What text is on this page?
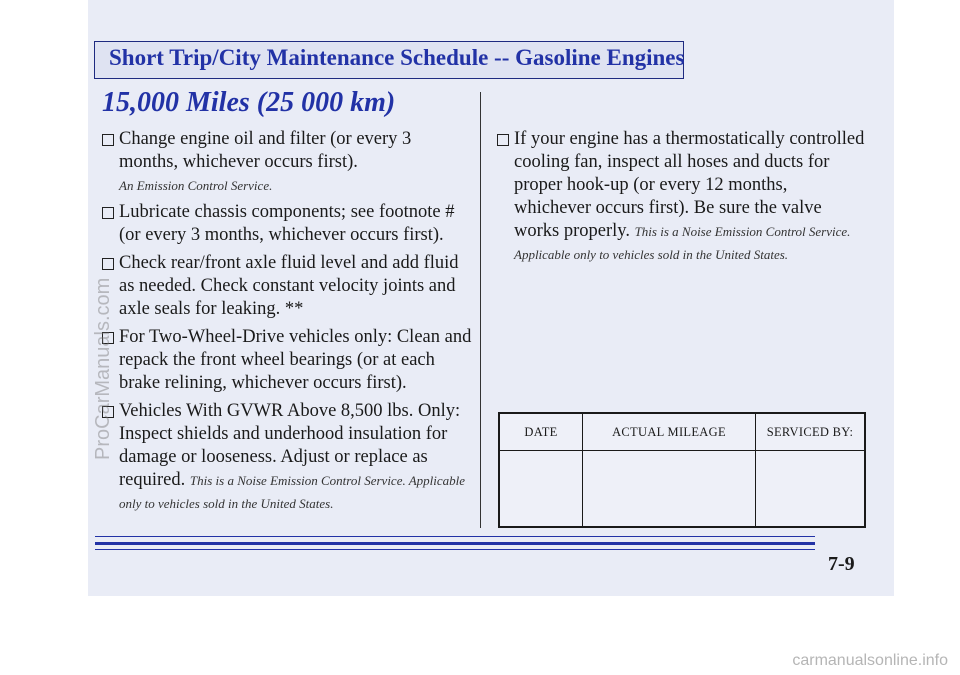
Short Trip/City Maintenance Schedule -- Gasoline Engines
15,000 Miles (25 000 km)
Change engine oil and filter (or every 3 months, whichever occurs first).
An Emission Control Service.
Lubricate chassis components; see footnote # (or every 3 months, whichever occurs first).
Check rear/front axle fluid level and add fluid as needed. Check constant velocity joints and axle seals for leaking. **
For Two-Wheel-Drive vehicles only: Clean and repack the front wheel bearings (or at each brake relining, whichever occurs first).
Vehicles With GVWR Above 8,500 lbs. Only: Inspect shields and underhood insulation for damage or looseness. Adjust or replace as required. This is a Noise Emission Control Service. Applicable only to vehicles sold in the United States.
If your engine has a thermostatically controlled cooling fan, inspect all hoses and ducts for proper hook-up (or every 12 months, whichever occurs first). Be sure the valve works properly. This is a Noise Emission Control Service. Applicable only to vehicles sold in the United States.
DATE	ACTUAL MILEAGE	SERVICED BY:

7-9
ProCarManuals.com
carmanualsonline.info
